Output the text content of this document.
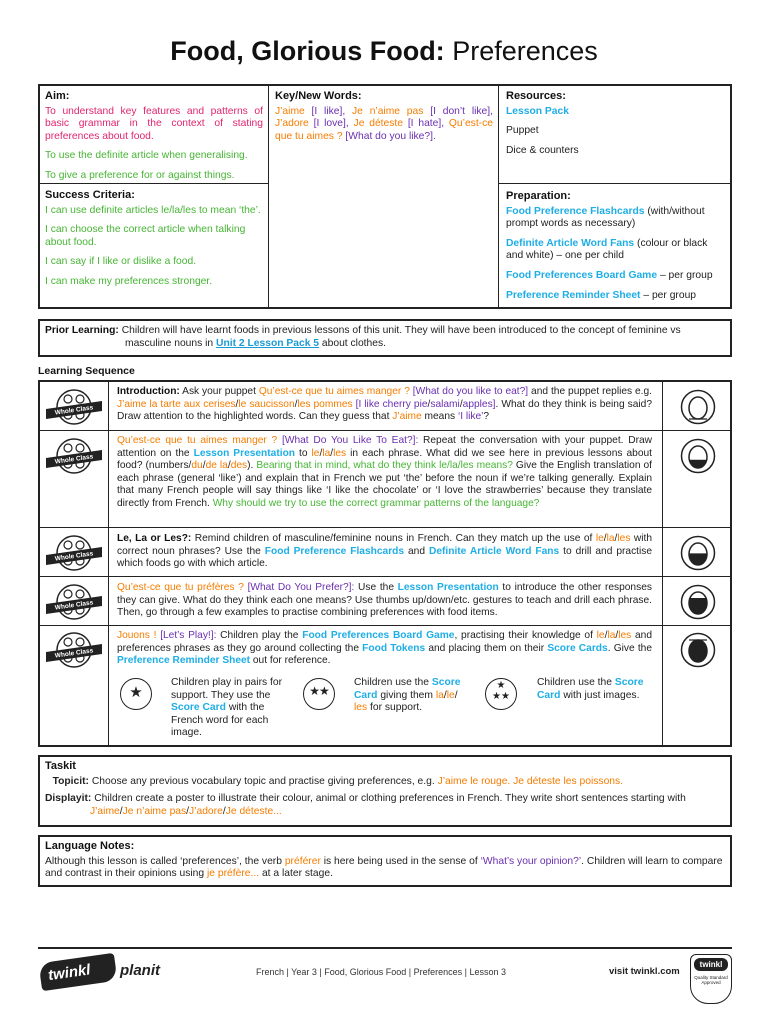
Food, Glorious Food: Preferences
Aim:
To understand key features and patterns of basic grammar in the context of stating preferences about food.
To use the definite article when generalising.
To give a preference for or against things.
Success Criteria:
I can use definite articles le/la/les to mean ‘the’.
I can choose the correct article when talking about food.
I can say if I like or dislike a food.
I can make my preferences stronger.
Key/New Words:
J’aime [I like], Je n’aime pas [I don’t like], J’adore [I love], Je déteste [I hate], Qu’est-ce que tu aimes ? [What do you like?].
Resources:
Lesson Pack
Puppet
Dice & counters
Preparation:
Food Preference Flashcards (with/without prompt words as necessary)
Definite Article Word Fans (colour or black and white) – one per child
Food Preferences Board Game – per group
Preference Reminder Sheet – per group
Prior Learning: Children will have learnt foods in previous lessons of this unit. They will have been introduced to the concept of feminine vs masculine nouns in Unit 2 Lesson Pack 5 about clothes.
Learning Sequence
Whole Class
Whole Class
Whole Class
Whole Class
Whole Class
Introduction: Ask your puppet Qu’est-ce que tu aimes manger ? [What do you like to eat?] and the puppet replies e.g. J’aime la tarte aux cerises/le saucisson/les pommes [I like cherry pie/salami/apples]. What do they think is being said? Draw attention to the highlighted words. Can they guess that J’aime means ‘I like’?
Qu’est-ce que tu aimes manger ? [What Do You Like To Eat?]: Repeat the conversation with your puppet. Draw attention on the Lesson Presentation to le/la/les in each phrase. What did we see here in previous lessons about food? (numbers/du/de la/des). Bearing that in mind, what do they think le/la/les means? Give the English translation of each phrase (general ‘like’) and explain that in French we put ‘the’ before the noun if we’re talking generally. Explain that many French people will say things like ‘I like the chocolate’ or ‘I love the strawberries’ because they translate directly from French. Why should we try to use the correct grammar patterns of the language?
Le, La or Les?: Remind children of masculine/feminine nouns in French. Can they match up the use of le/la/les with correct noun phrases? Use the Food Preference Flashcards and Definite Article Word Fans to drill and practise which foods go with which article.
Qu’est-ce que tu préfères ? [What Do You Prefer?]: Use the Lesson Presentation to introduce the other responses they can give. What do they think each one means? Use thumbs up/down/etc. gestures to teach and drill each phrase. Then, go through a few examples to practise combining preferences with food items.
Jouons ! [Let’s Play!]: Children play the Food Preferences Board Game, practising their knowledge of le/la/les and preferences phrases as they go around collecting the Food Tokens and placing them on their Score Cards. Give the Preference Reminder Sheet out for reference.
★
Children play in pairs for support. They use the Score Card with the French word for each image.
★★
Children use the Score Card giving them la/le/
les for support.
★
★★
Children use the Score Card with just images.
Taskit
Topicit: Choose any previous vocabulary topic and practise giving preferences, e.g. J’aime le rouge. Je déteste les poissons.
Displayit: Children create a poster to illustrate their colour, animal or clothing preferences in French. They write short sentences starting with J’aime/Je n’aime pas/J’adore/Je déteste...
Language Notes:
Although this lesson is called ‘preferences’, the verb préférer is here being used in the sense of ‘What’s your opinion?’. Children will learn to compare and contrast in their opinions using je préfère... at a later stage.
twinkl planit	French | Year 3 | Food, Glorious Food | Preferences | Lesson 3	visit twinkl.com
twinkl
Quality Standard Approved
